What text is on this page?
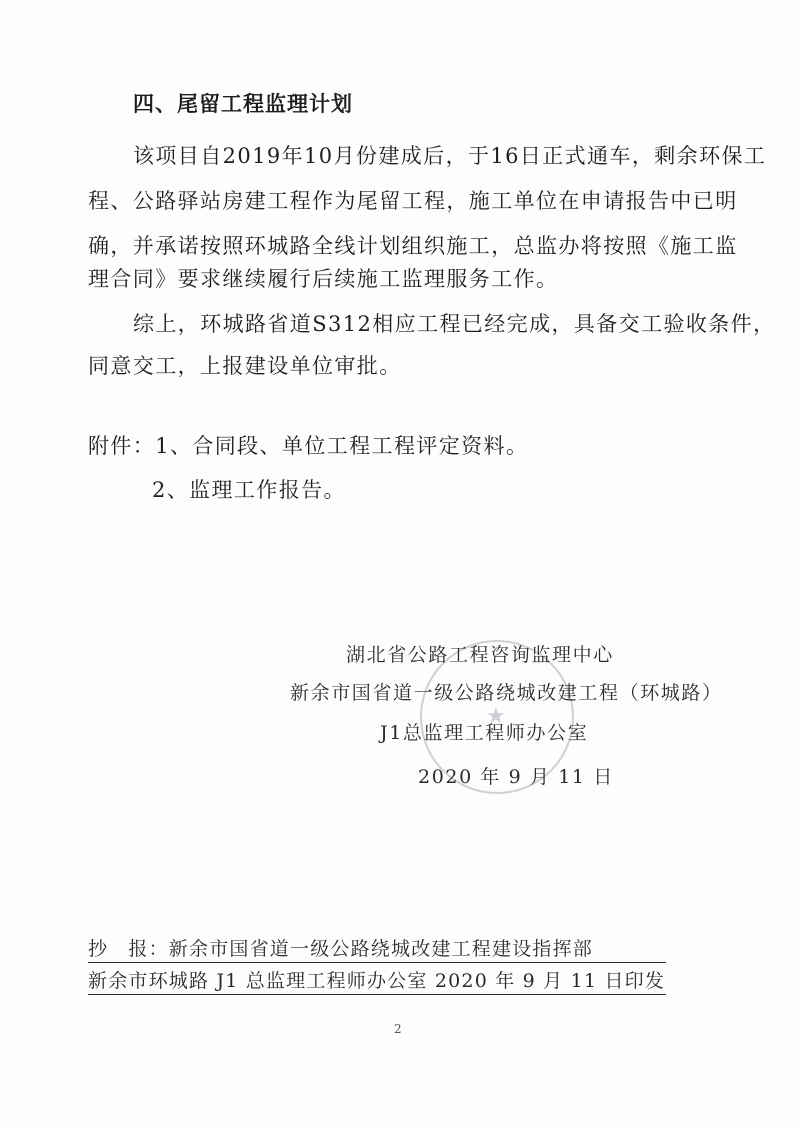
四、尾留工程监理计划
该项目自2019年10月份建成后，于16日正式通车，剩余环保工
程、公路驿站房建工程作为尾留工程，施工单位在申请报告中已明
确，并承诺按照环城路全线计划组织施工，总监办将按照《施工监
理合同》要求继续履行后续施工监理服务工作。
综上，环城路省道S312相应工程已经完成，具备交工验收条件，
同意交工，上报建设单位审批。
附件：1、合同段、单位工程工程评定资料。
2、监理工作报告。
★
湖北省公路工程咨询监理中心
新余市国省道一级公路绕城改建工程（环城路）
J1总监理工程师办公室
2020 年 9 月 11 日
抄　报：新余市国省道一级公路绕城改建工程建设指挥部
新余市环城路 J1 总监理工程师办公室 2020 年 9 月 11 日印发
2
